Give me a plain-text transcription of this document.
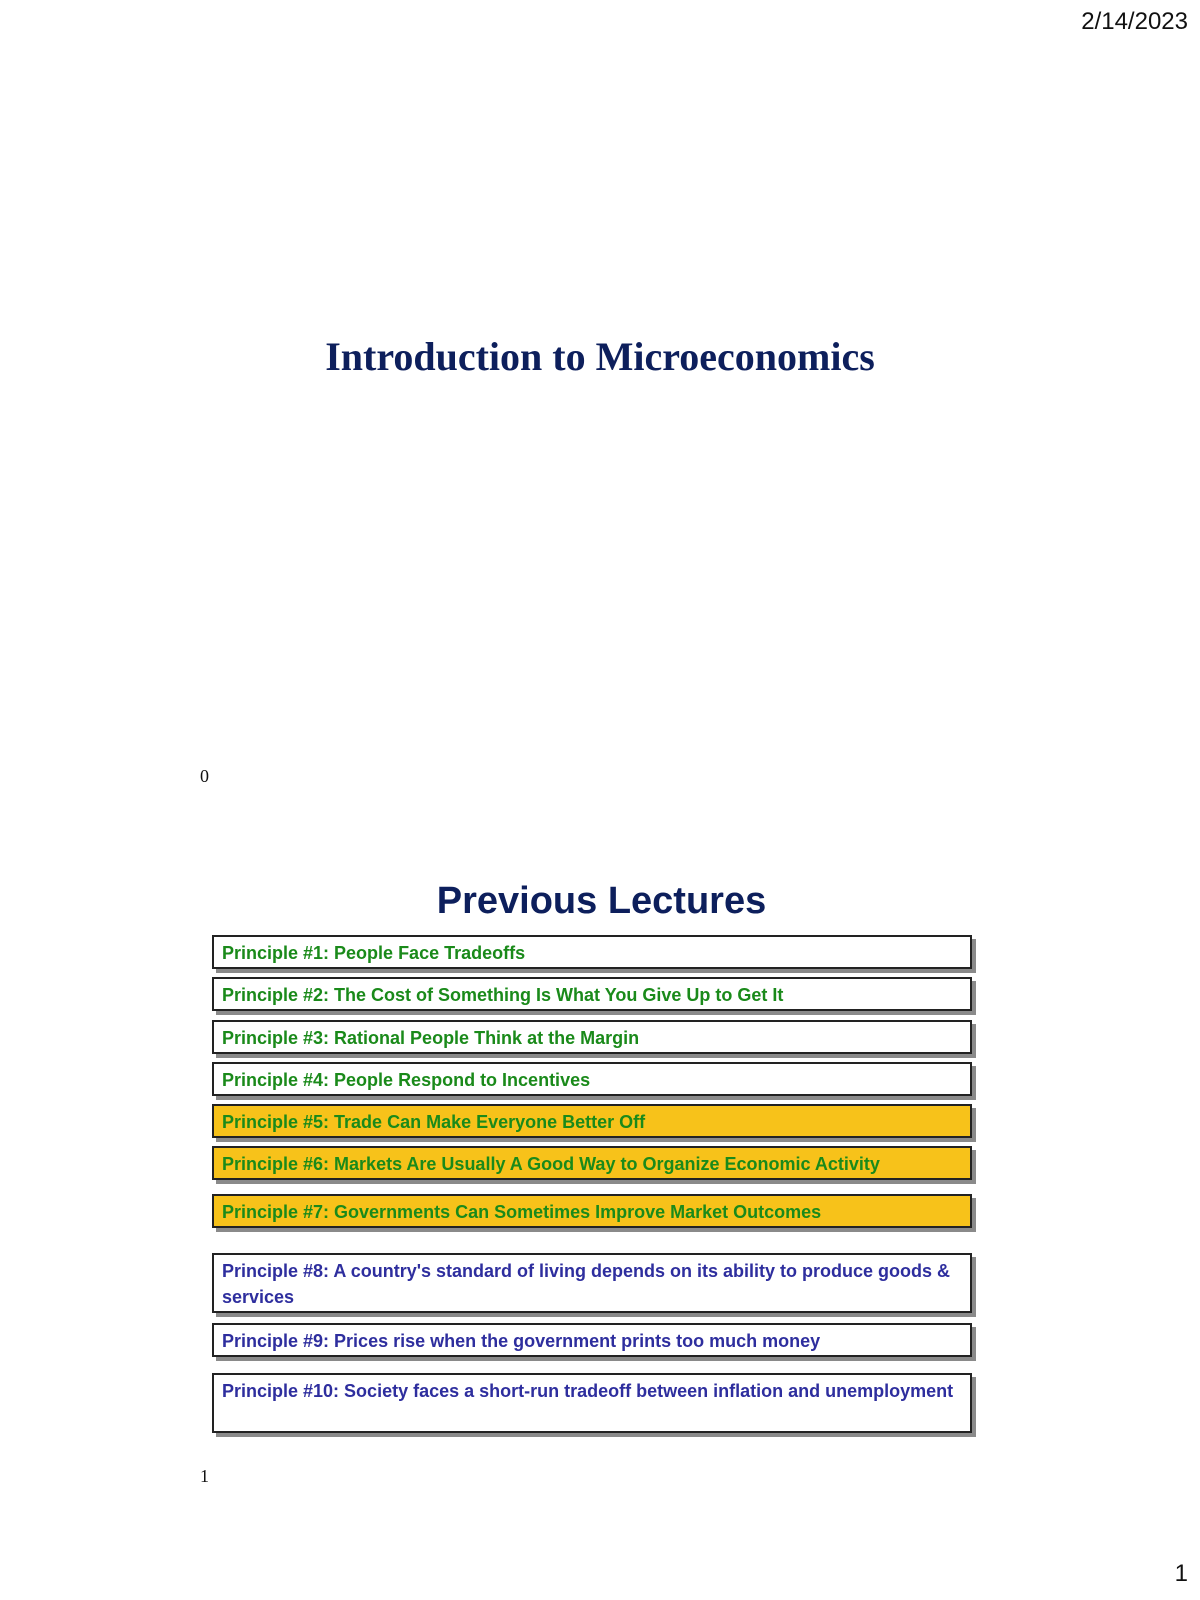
2/14/2023
Introduction to Microeconomics
0
Previous Lectures
Principle #1: People Face Tradeoffs
Principle #2: The Cost of Something Is What You Give Up to Get It
Principle #3: Rational People Think at the Margin
Principle #4: People Respond to Incentives
Principle #5: Trade Can Make Everyone Better Off
Principle #6: Markets Are Usually A Good Way to Organize Economic Activity
Principle #7: Governments Can Sometimes Improve Market Outcomes
Principle #8: A country's standard of living depends on its ability to produce goods & services
Principle #9: Prices rise when the government prints too much money
Principle #10: Society faces a short-run tradeoff between inflation and unemployment
1
1
